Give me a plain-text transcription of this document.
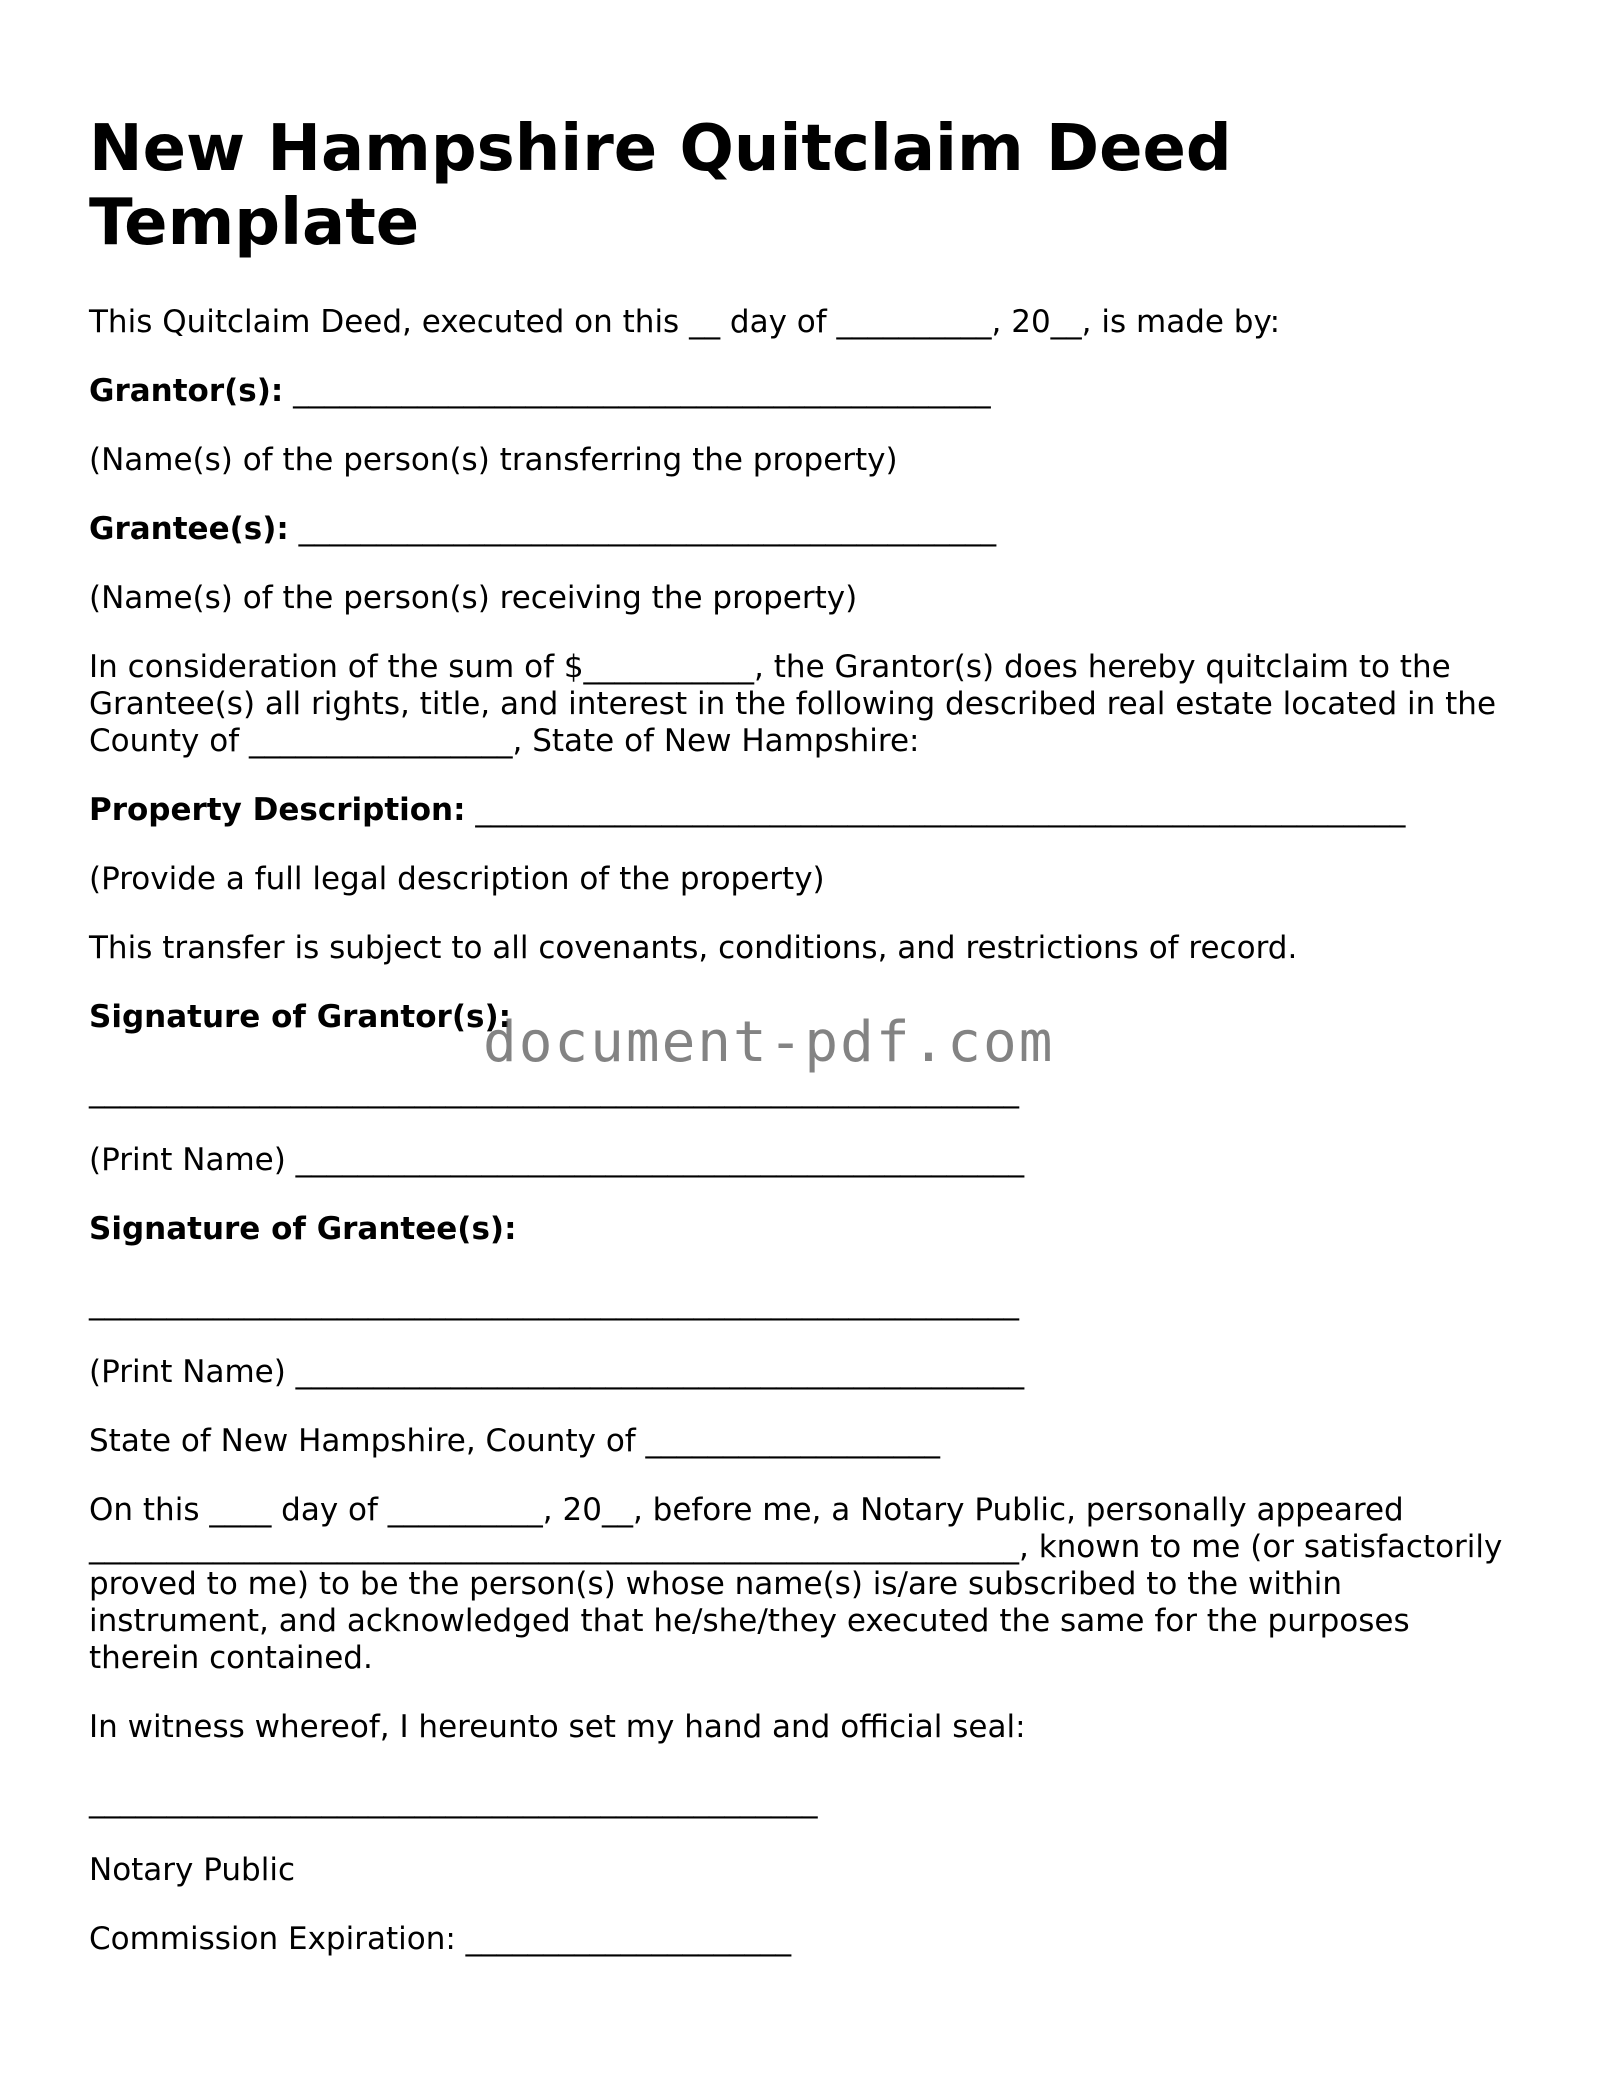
New Hampshire Quitclaim Deed Template

This Quitclaim Deed, executed on this __ day of __________, 20__, is made by:

Grantor(s): _____________________________________________

(Name(s) of the person(s) transferring the property)

Grantee(s): _____________________________________________

(Name(s) of the person(s) receiving the property)

In consideration of the sum of $___________, the Grantor(s) does hereby quitclaim to the Grantee(s) all rights, title, and interest in the following described real estate located in the County of _________________, State of New Hampshire:

Property Description: ____________________________________________________________

(Provide a full legal description of the property)

This transfer is subject to all covenants, conditions, and restrictions of record.

Signature of Grantor(s):

____________________________________________________________

(Print Name) _______________________________________________

Signature of Grantee(s):

____________________________________________________________

(Print Name) _______________________________________________

State of New Hampshire, County of ___________________

On this ____ day of __________, 20__, before me, a Notary Public, personally appeared ____________________________________________________________, known to me (or satisfactorily proved to me) to be the person(s) whose name(s) is/are subscribed to the within instrument, and acknowledged that he/she/they executed the same for the purposes therein contained.

In witness whereof, I hereunto set my hand and official seal:

_______________________________________________

Notary Public

Commission Expiration: _____________________

document-pdf.com
